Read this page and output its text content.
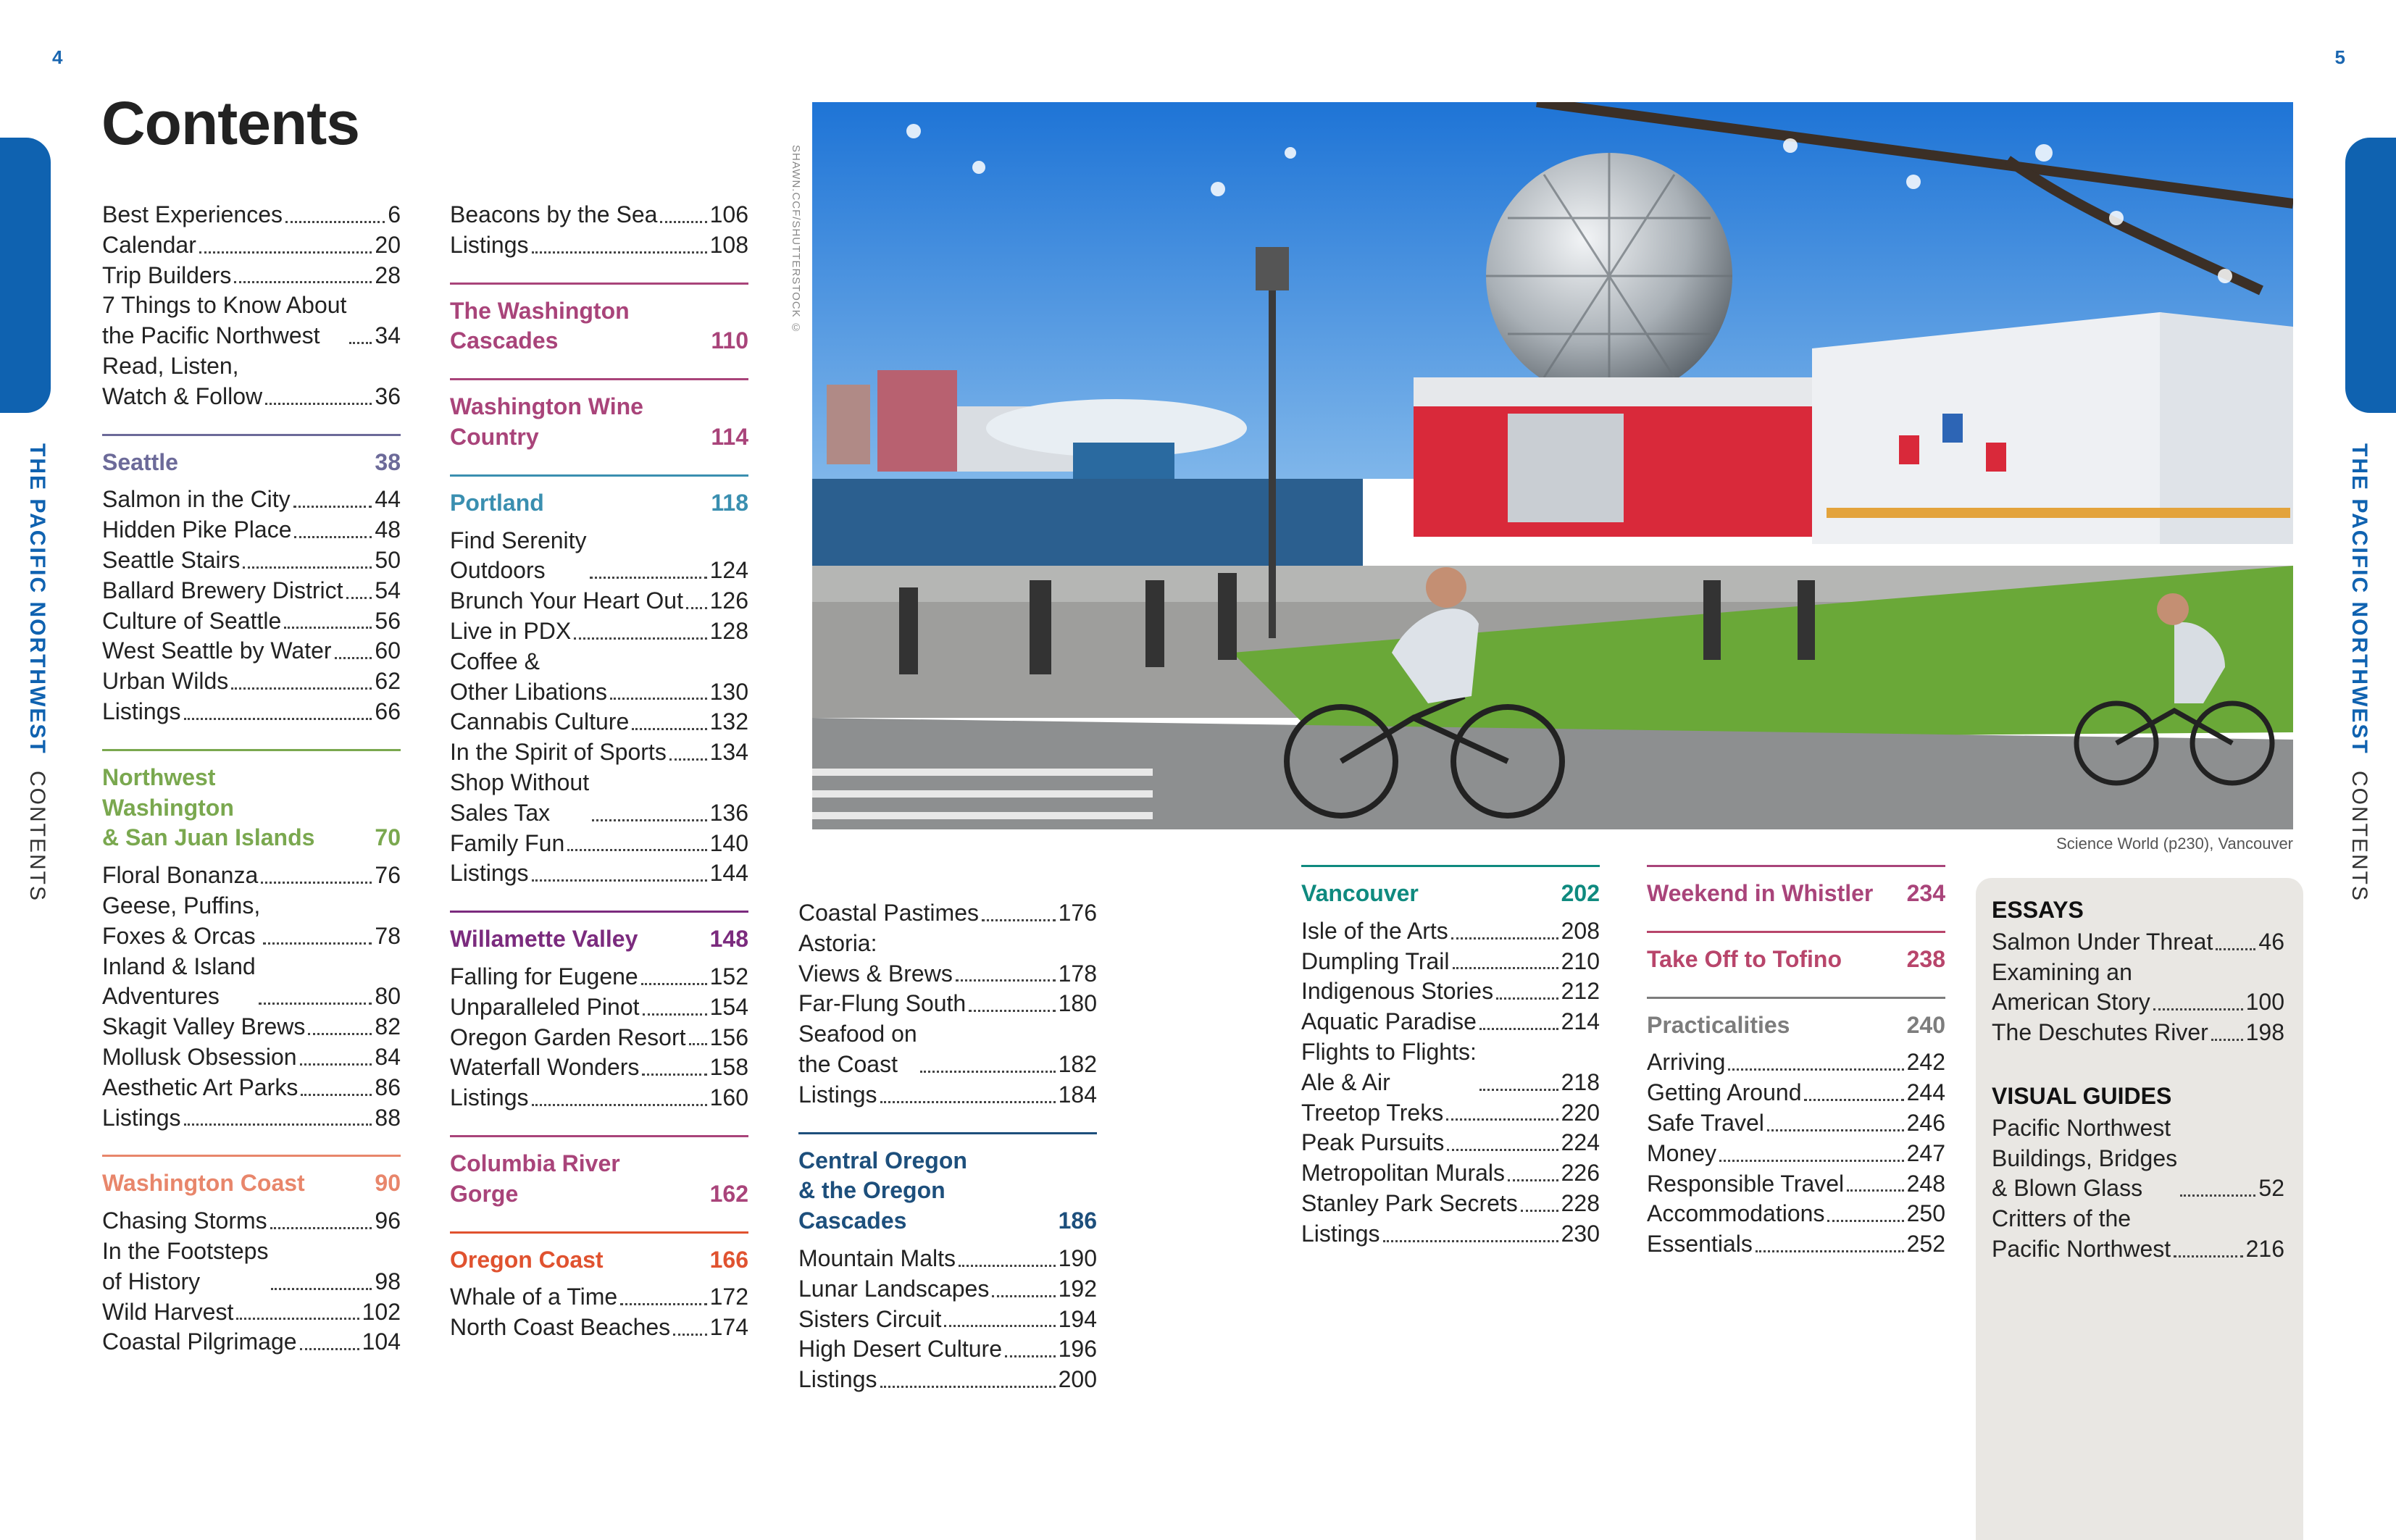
4	5
THE PACIFIC NORTHWESTCONTENTS
THE PACIFIC NORTHWESTCONTENTS
Contents
Best Experiences	6
Calendar	20
Trip Builders	28
7 Things to Know About
the Pacific Northwest	34
Read, Listen,
Watch & Follow	36
Seattle	38
Salmon in the City	44
Hidden Pike Place	48
Seattle Stairs	50
Ballard Brewery District 54
Culture of Seattle	56
West Seattle by Water 60
Urban Wilds	62
Listings	66
Northwest
Washington
& San Juan Islands	70
Floral Bonanza	76
Geese, Puffins,
Foxes & Orcas	78
Inland & Island
Adventures	80
Skagit Valley Brews	82
Mollusk Obsession	84
Aesthetic Art Parks	86
Listings	88
Washington Coast	90
Chasing Storms	96
In the Footsteps
of History	98
Wild Harvest	102
Coastal Pilgrimage	104
Beacons by the Sea 106
Listings	108
The Washington
Cascades	110
Washington Wine
Country	114
Portland	118
Find Serenity
Outdoors	124
Brunch Your Heart Out 126
Live in PDX	128
Coffee &
Other Libations	130
Cannabis Culture	132
In the Spirit of Sports 134
Shop Without
Sales Tax	136
Family Fun	140
Listings	144
Willamette Valley	148
Falling for Eugene	152
Unparalleled Pinot	154
Oregon Garden Resort 156
Waterfall Wonders	158
Listings	160
Columbia River
Gorge	162
Oregon Coast	166
Whale of a Time	172
North Coast Beaches 174
SHAWN.CCF/SHUTTERSTOCK ©
Science World (p230), Vancouver
Coastal Pastimes	176
Astoria:
Views & Brews	178
Far-Flung South	180
Seafood on
the Coast	182
Listings	184
Central Oregon
& the Oregon
Cascades	186
Mountain Malts	190
Lunar Landscapes	192
Sisters Circuit	194
High Desert Culture 196
Listings	200
Vancouver	202
Isle of the Arts	208
Dumpling Trail	210
Indigenous Stories	212
Aquatic Paradise	214
Flights to Flights:
Ale & Air	218
Treetop Treks	220
Peak Pursuits	224
Metropolitan Murals 226
Stanley Park Secrets 228
Listings	230
Weekend in Whistler 234
Take Off to Tofino	238
Practicalities	240
Arriving	242
Getting Around	244
Safe Travel	246
Money	247
Responsible Travel	248
Accommodations	250
Essentials	252
ESSAYS
Salmon Under Threat 46
Examining an
American Story	100
The Deschutes River 198
VISUAL GUIDES
Pacific Northwest
Buildings, Bridges
& Blown Glass	52
Critters of the
Pacific Northwest	216
